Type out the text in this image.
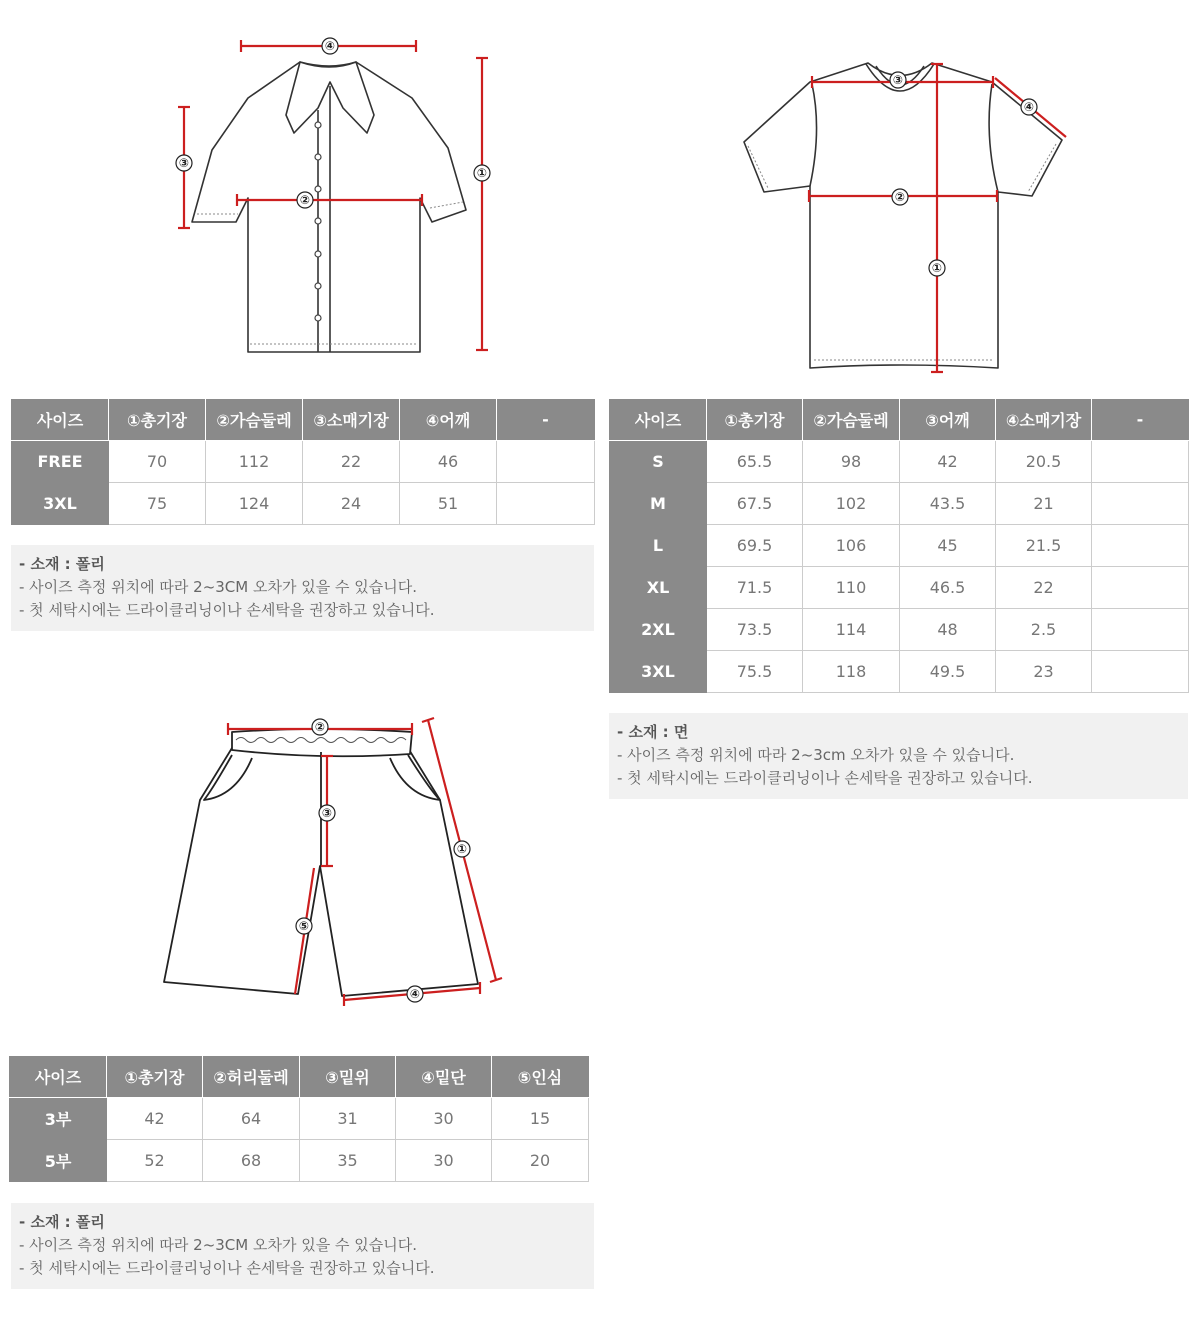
④
③
②
①
③
④
②
①
사이즈	①총기장	②가슴둘레	③소매기장	④어깨	-
FREE	70	112	22	46	
3XL	75	124	24	51	
- 소재 : 폴리
- 사이즈 측정 위치에 따라 2~3CM 오차가 있을 수 있습니다.
- 첫 세탁시에는 드라이클리닝이나 손세탁을 권장하고 있습니다.
사이즈	①총기장	②가슴둘레	③어깨	④소매기장	-
S	65.5	98	42	20.5	
M	67.5	102	43.5	21	
L	69.5	106	45	21.5	
XL	71.5	110	46.5	22	
2XL	73.5	114	48	2.5	
3XL	75.5	118	49.5	23	
- 소재 : 면
- 사이즈 측정 위치에 따라 2~3cm 오차가 있을 수 있습니다.
- 첫 세탁시에는 드라이클리닝이나 손세탁을 권장하고 있습니다.
②
③
①
⑤
④
사이즈	①총기장	②허리둘레	③밑위	④밑단	⑤인심
3부	42	64	31	30	15
5부	52	68	35	30	20
- 소재 : 폴리
- 사이즈 측정 위치에 따라 2~3CM 오차가 있을 수 있습니다.
- 첫 세탁시에는 드라이클리닝이나 손세탁을 권장하고 있습니다.
